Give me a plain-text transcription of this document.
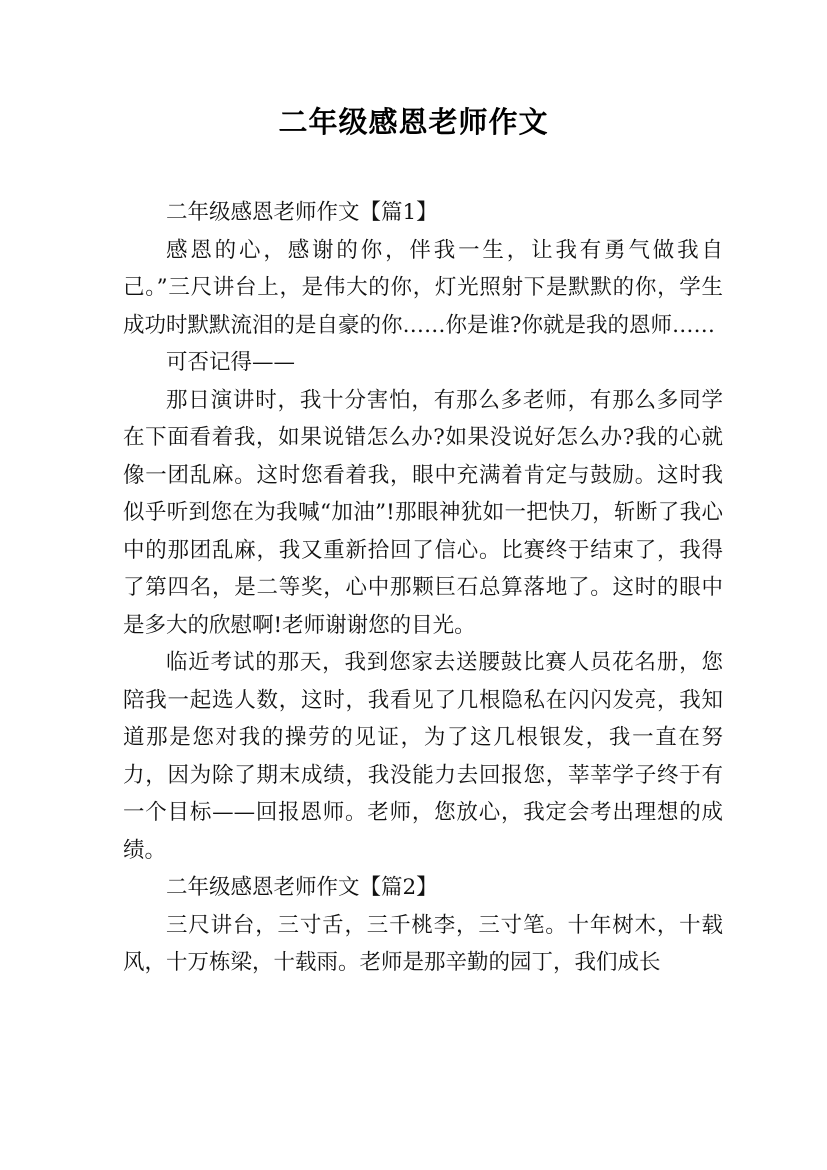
二年级感恩老师作文

二年级感恩老师作文【篇1】

感恩的心，感谢的你，伴我一生，让我有勇气做我自己。”三尺讲台上，是伟大的你，灯光照射下是默默的你，学生成功时默默流泪的是自豪的你……你是谁?你就是我的恩师……

可否记得——

那日演讲时，我十分害怕，有那么多老师，有那么多同学在下面看着我，如果说错怎么办?如果没说好怎么办?我的心就像一团乱麻。这时您看着我，眼中充满着肯定与鼓励。这时我似乎听到您在为我喊“加油”!那眼神犹如一把快刀，斩断了我心中的那团乱麻，我又重新拾回了信心。比赛终于结束了，我得了第四名，是二等奖，心中那颗巨石总算落地了。这时的眼中是多大的欣慰啊!老师谢谢您的目光。

临近考试的那天，我到您家去送腰鼓比赛人员花名册，您陪我一起选人数，这时，我看见了几根隐私在闪闪发亮，我知道那是您对我的操劳的见证，为了这几根银发，我一直在努力，因为除了期末成绩，我没能力去回报您，莘莘学子终于有一个目标——回报恩师。老师，您放心，我定会考出理想的成绩。

二年级感恩老师作文【篇2】

三尺讲台，三寸舌，三千桃李，三寸笔。十年树木，十载风，十万栋梁，十载雨。老师是那辛勤的园丁，我们成长
